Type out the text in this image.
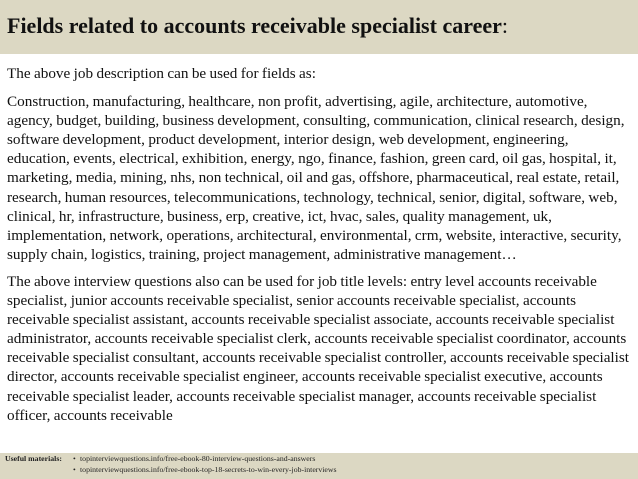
Fields related to accounts receivable specialist career:

The above job description can be used for fields as:

Construction, manufacturing, healthcare, non profit, advertising, agile, architecture, automotive, agency, budget, building, business development, consulting, communication, clinical research, design, software development, product development, interior design, web development, engineering, education, events, electrical, exhibition, energy, ngo, finance, fashion, green card, oil gas, hospital, it, marketing, media, mining, nhs, non technical, oil and gas, offshore, pharmaceutical, real estate, retail, research, human resources, telecommunications, technology, technical, senior, digital, software, web, clinical, hr, infrastructure, business, erp, creative, ict, hvac, sales, quality management, uk, implementation, network, operations, architectural, environmental, crm, website, interactive, security, supply chain, logistics, training, project management, administrative management…

The above interview questions also can be used for job title levels: entry level accounts receivable specialist, junior accounts receivable specialist, senior accounts receivable specialist, accounts receivable specialist assistant, accounts receivable specialist associate, accounts receivable specialist administrator, accounts receivable specialist clerk, accounts receivable specialist coordinator, accounts receivable specialist consultant, accounts receivable specialist controller, accounts receivable specialist director, accounts receivable specialist engineer, accounts receivable specialist executive, accounts receivable specialist leader, accounts receivable specialist manager, accounts receivable specialist officer, accounts receivable

Useful materials:	• topinterviewquestions.info/free-ebook-80-interview-questions-and-answers
• topinterviewquestions.info/free-ebook-top-18-secrets-to-win-every-job-interviews
